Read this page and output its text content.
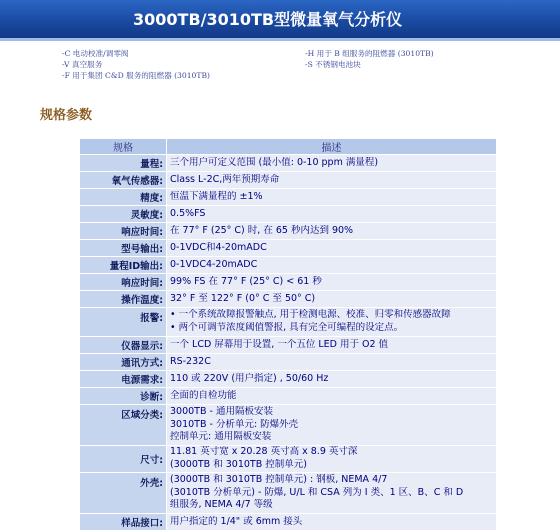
3000TB/3010TB型微量氧气分析仪
-C 电动校准/调零阀
-V 真空服务
-F 用于集团 C&D 服务的阻燃器 (3010TB)
-H 用于 B 组服务的阻燃器 (3010TB)
-S 不锈钢电池块
规格参数
规格	描述
量程:	三个用户可定义范围 (最小值: 0-10 ppm 满量程)

氧气传感器:	Class L-2C,两年预期寿命

精度:	恒温下满量程的 ±1%

灵敏度:	0.5%FS

响应时间:	在 77° F (25° C) 时, 在 65 秒内达到 90%

型号输出:	0-1VDC和4-20mADC

量程ID输出:	0-1VDC4-20mADC

响应时间:	99% FS 在 77° F (25° C) < 61 秒

操作温度:	32° F 至 122° F (0° C 至 50° C)

报警:	• 一个系统故障报警触点, 用于检测电源、校准、归零和传感器故障
• 两个可调节浓度阈值警报, 具有完全可编程的设定点。

仪器显示:	一个 LCD 屏幕用于设置, 一个五位 LED 用于 O2 值

通讯方式:	RS-232C

电源需求:	110 或 220V (用户指定) , 50/60 Hz

诊断:	全面的自检功能

区域分类:	3000TB - 通用隔板安装
3010TB - 分析单元: 防爆外壳
控制单元: 通用隔板安装

尺寸:	11.81 英寸宽 x 20.28 英寸高 x 8.9 英寸深
(3000TB 和 3010TB 控制单元)

外壳:	(3000TB 和 3010TB 控制单元) : 钢板, NEMA 4/7
(3010TB 分析单元) - 防爆, U/L 和 CSA 列为 I 类、1 区、B、C 和 D
组服务, NEMA 4/7 等级

样品接口:	用户指定的 1/4" 或 6mm 接头
